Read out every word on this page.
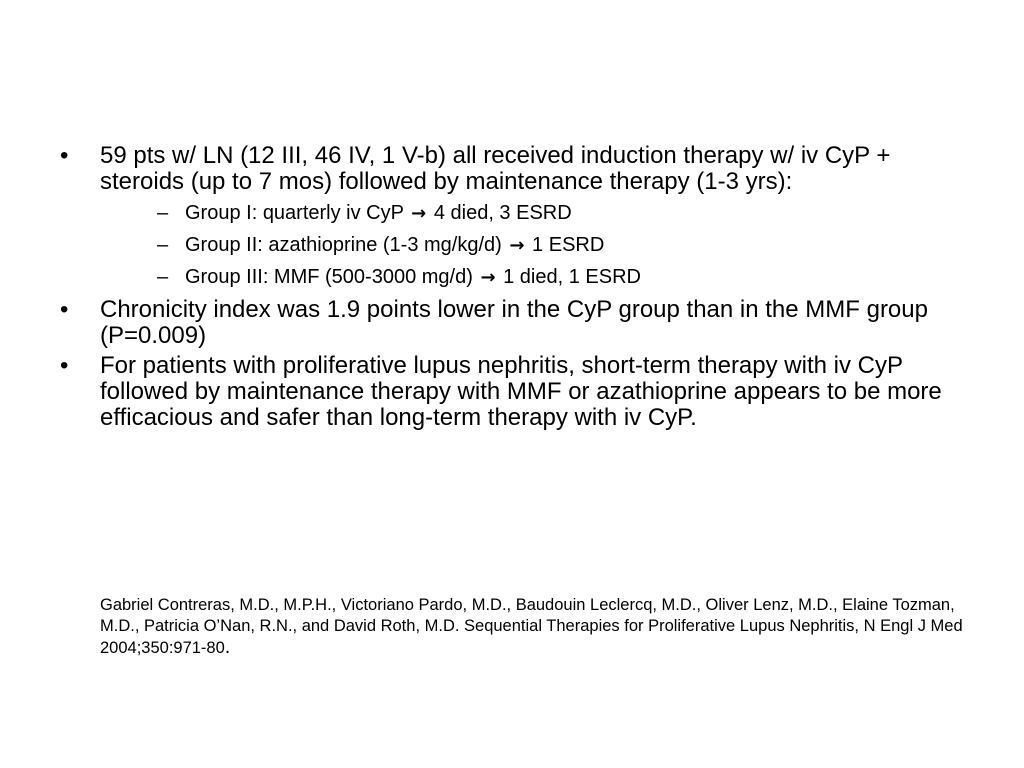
• 59 pts w/ LN (12 III, 46 IV, 1 V-b) all received induction therapy w/ iv CyP + steroids (up to 7 mos) followed by maintenance therapy (1-3 yrs):
– Group I: quarterly iv CyP → 4 died, 3 ESRD
– Group II: azathioprine (1-3 mg/kg/d) → 1 ESRD
– Group III: MMF (500-3000 mg/d) → 1 died, 1 ESRD
• Chronicity index was 1.9 points lower in the CyP group than in the MMF group (P=0.009)
• For patients with proliferative lupus nephritis, short-term therapy with iv CyP followed by maintenance therapy with MMF or azathioprine appears to be more efficacious and safer than long-term therapy with iv CyP.
Gabriel Contreras, M.D., M.P.H., Victoriano Pardo, M.D., Baudouin Leclercq, M.D., Oliver Lenz, M.D., Elaine Tozman, M.D., Patricia O’Nan, R.N., and David Roth, M.D. Sequential Therapies for Proliferative Lupus Nephritis, N Engl J Med 2004;350:971-80.
